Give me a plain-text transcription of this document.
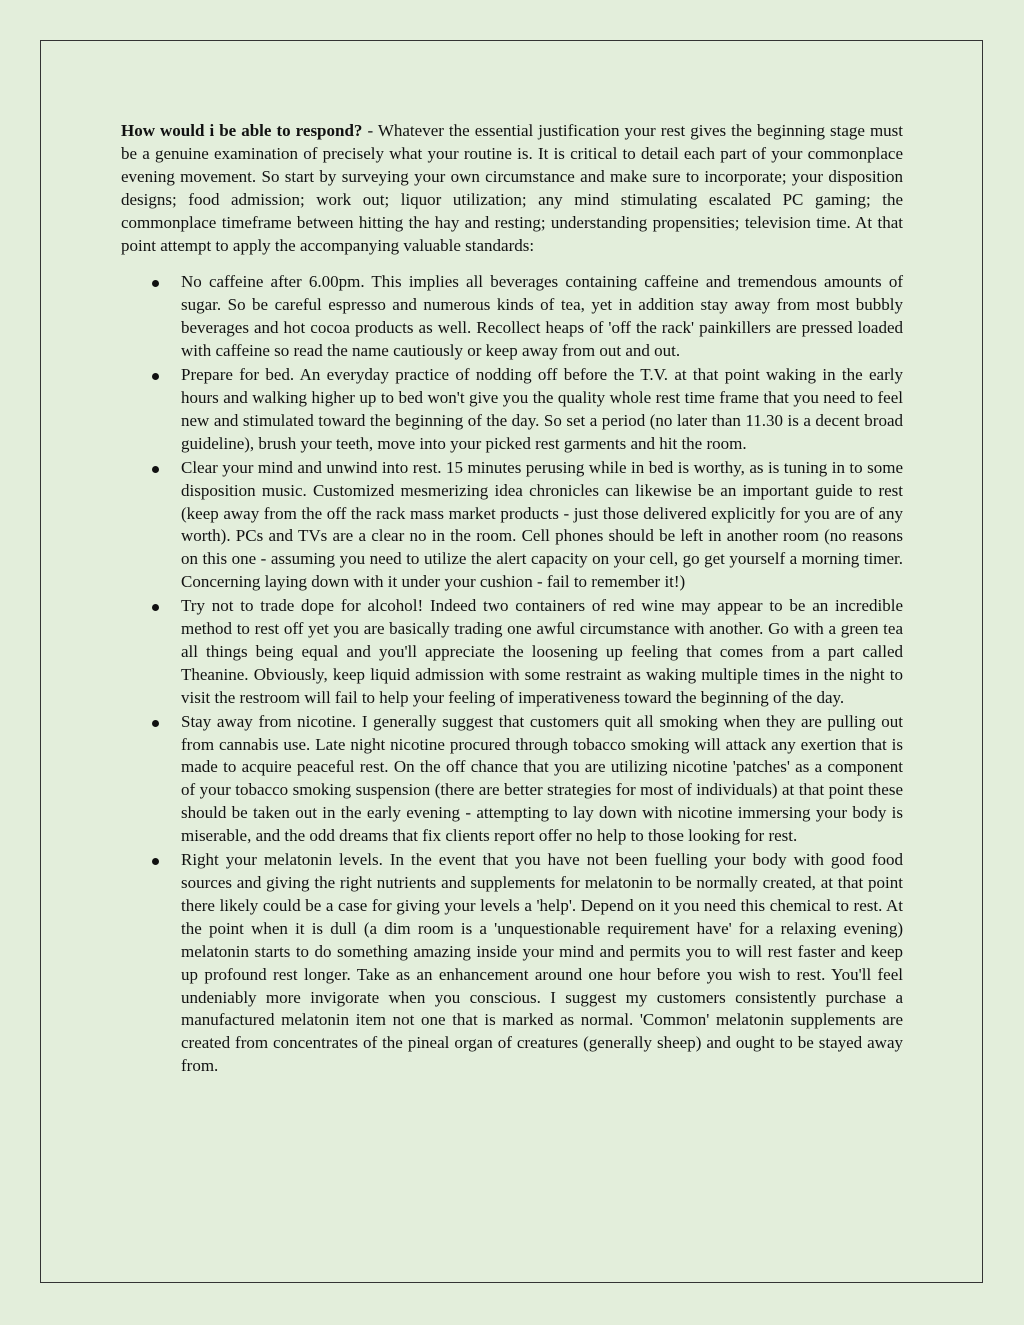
How would i be able to respond? - Whatever the essential justification your rest gives the beginning stage must be a genuine examination of precisely what your routine is. It is critical to detail each part of your commonplace evening movement. So start by surveying your own circumstance and make sure to incorporate; your disposition designs; food admission; work out; liquor utilization; any mind stimulating escalated PC gaming; the commonplace timeframe between hitting the hay and resting; understanding propensities; television time. At that point attempt to apply the accompanying valuable standards:

No caffeine after 6.00pm. This implies all beverages containing caffeine and tremendous amounts of sugar. So be careful espresso and numerous kinds of tea, yet in addition stay away from most bubbly beverages and hot cocoa products as well. Recollect heaps of 'off the rack' painkillers are pressed loaded with caffeine so read the name cautiously or keep away from out and out.
Prepare for bed. An everyday practice of nodding off before the T.V. at that point waking in the early hours and walking higher up to bed won't give you the quality whole rest time frame that you need to feel new and stimulated toward the beginning of the day. So set a period (no later than 11.30 is a decent broad guideline), brush your teeth, move into your picked rest garments and hit the room.
Clear your mind and unwind into rest. 15 minutes perusing while in bed is worthy, as is tuning in to some disposition music. Customized mesmerizing idea chronicles can likewise be an important guide to rest (keep away from the off the rack mass market products - just those delivered explicitly for you are of any worth). PCs and TVs are a clear no in the room. Cell phones should be left in another room (no reasons on this one - assuming you need to utilize the alert capacity on your cell, go get yourself a morning timer. Concerning laying down with it under your cushion - fail to remember it!)
Try not to trade dope for alcohol! Indeed two containers of red wine may appear to be an incredible method to rest off yet you are basically trading one awful circumstance with another. Go with a green tea all things being equal and you'll appreciate the loosening up feeling that comes from a part called Theanine. Obviously, keep liquid admission with some restraint as waking multiple times in the night to visit the restroom will fail to help your feeling of imperativeness toward the beginning of the day.
Stay away from nicotine. I generally suggest that customers quit all smoking when they are pulling out from cannabis use. Late night nicotine procured through tobacco smoking will attack any exertion that is made to acquire peaceful rest. On the off chance that you are utilizing nicotine 'patches' as a component of your tobacco smoking suspension (there are better strategies for most of individuals) at that point these should be taken out in the early evening - attempting to lay down with nicotine immersing your body is miserable, and the odd dreams that fix clients report offer no help to those looking for rest.
Right your melatonin levels. In the event that you have not been fuelling your body with good food sources and giving the right nutrients and supplements for melatonin to be normally created, at that point there likely could be a case for giving your levels a 'help'. Depend on it you need this chemical to rest. At the point when it is dull (a dim room is a 'unquestionable requirement have' for a relaxing evening) melatonin starts to do something amazing inside your mind and permits you to will rest faster and keep up profound rest longer. Take as an enhancement around one hour before you wish to rest. You'll feel undeniably more invigorate when you conscious. I suggest my customers consistently purchase a manufactured melatonin item not one that is marked as normal. 'Common' melatonin supplements are created from concentrates of the pineal organ of creatures (generally sheep) and ought to be stayed away from.
